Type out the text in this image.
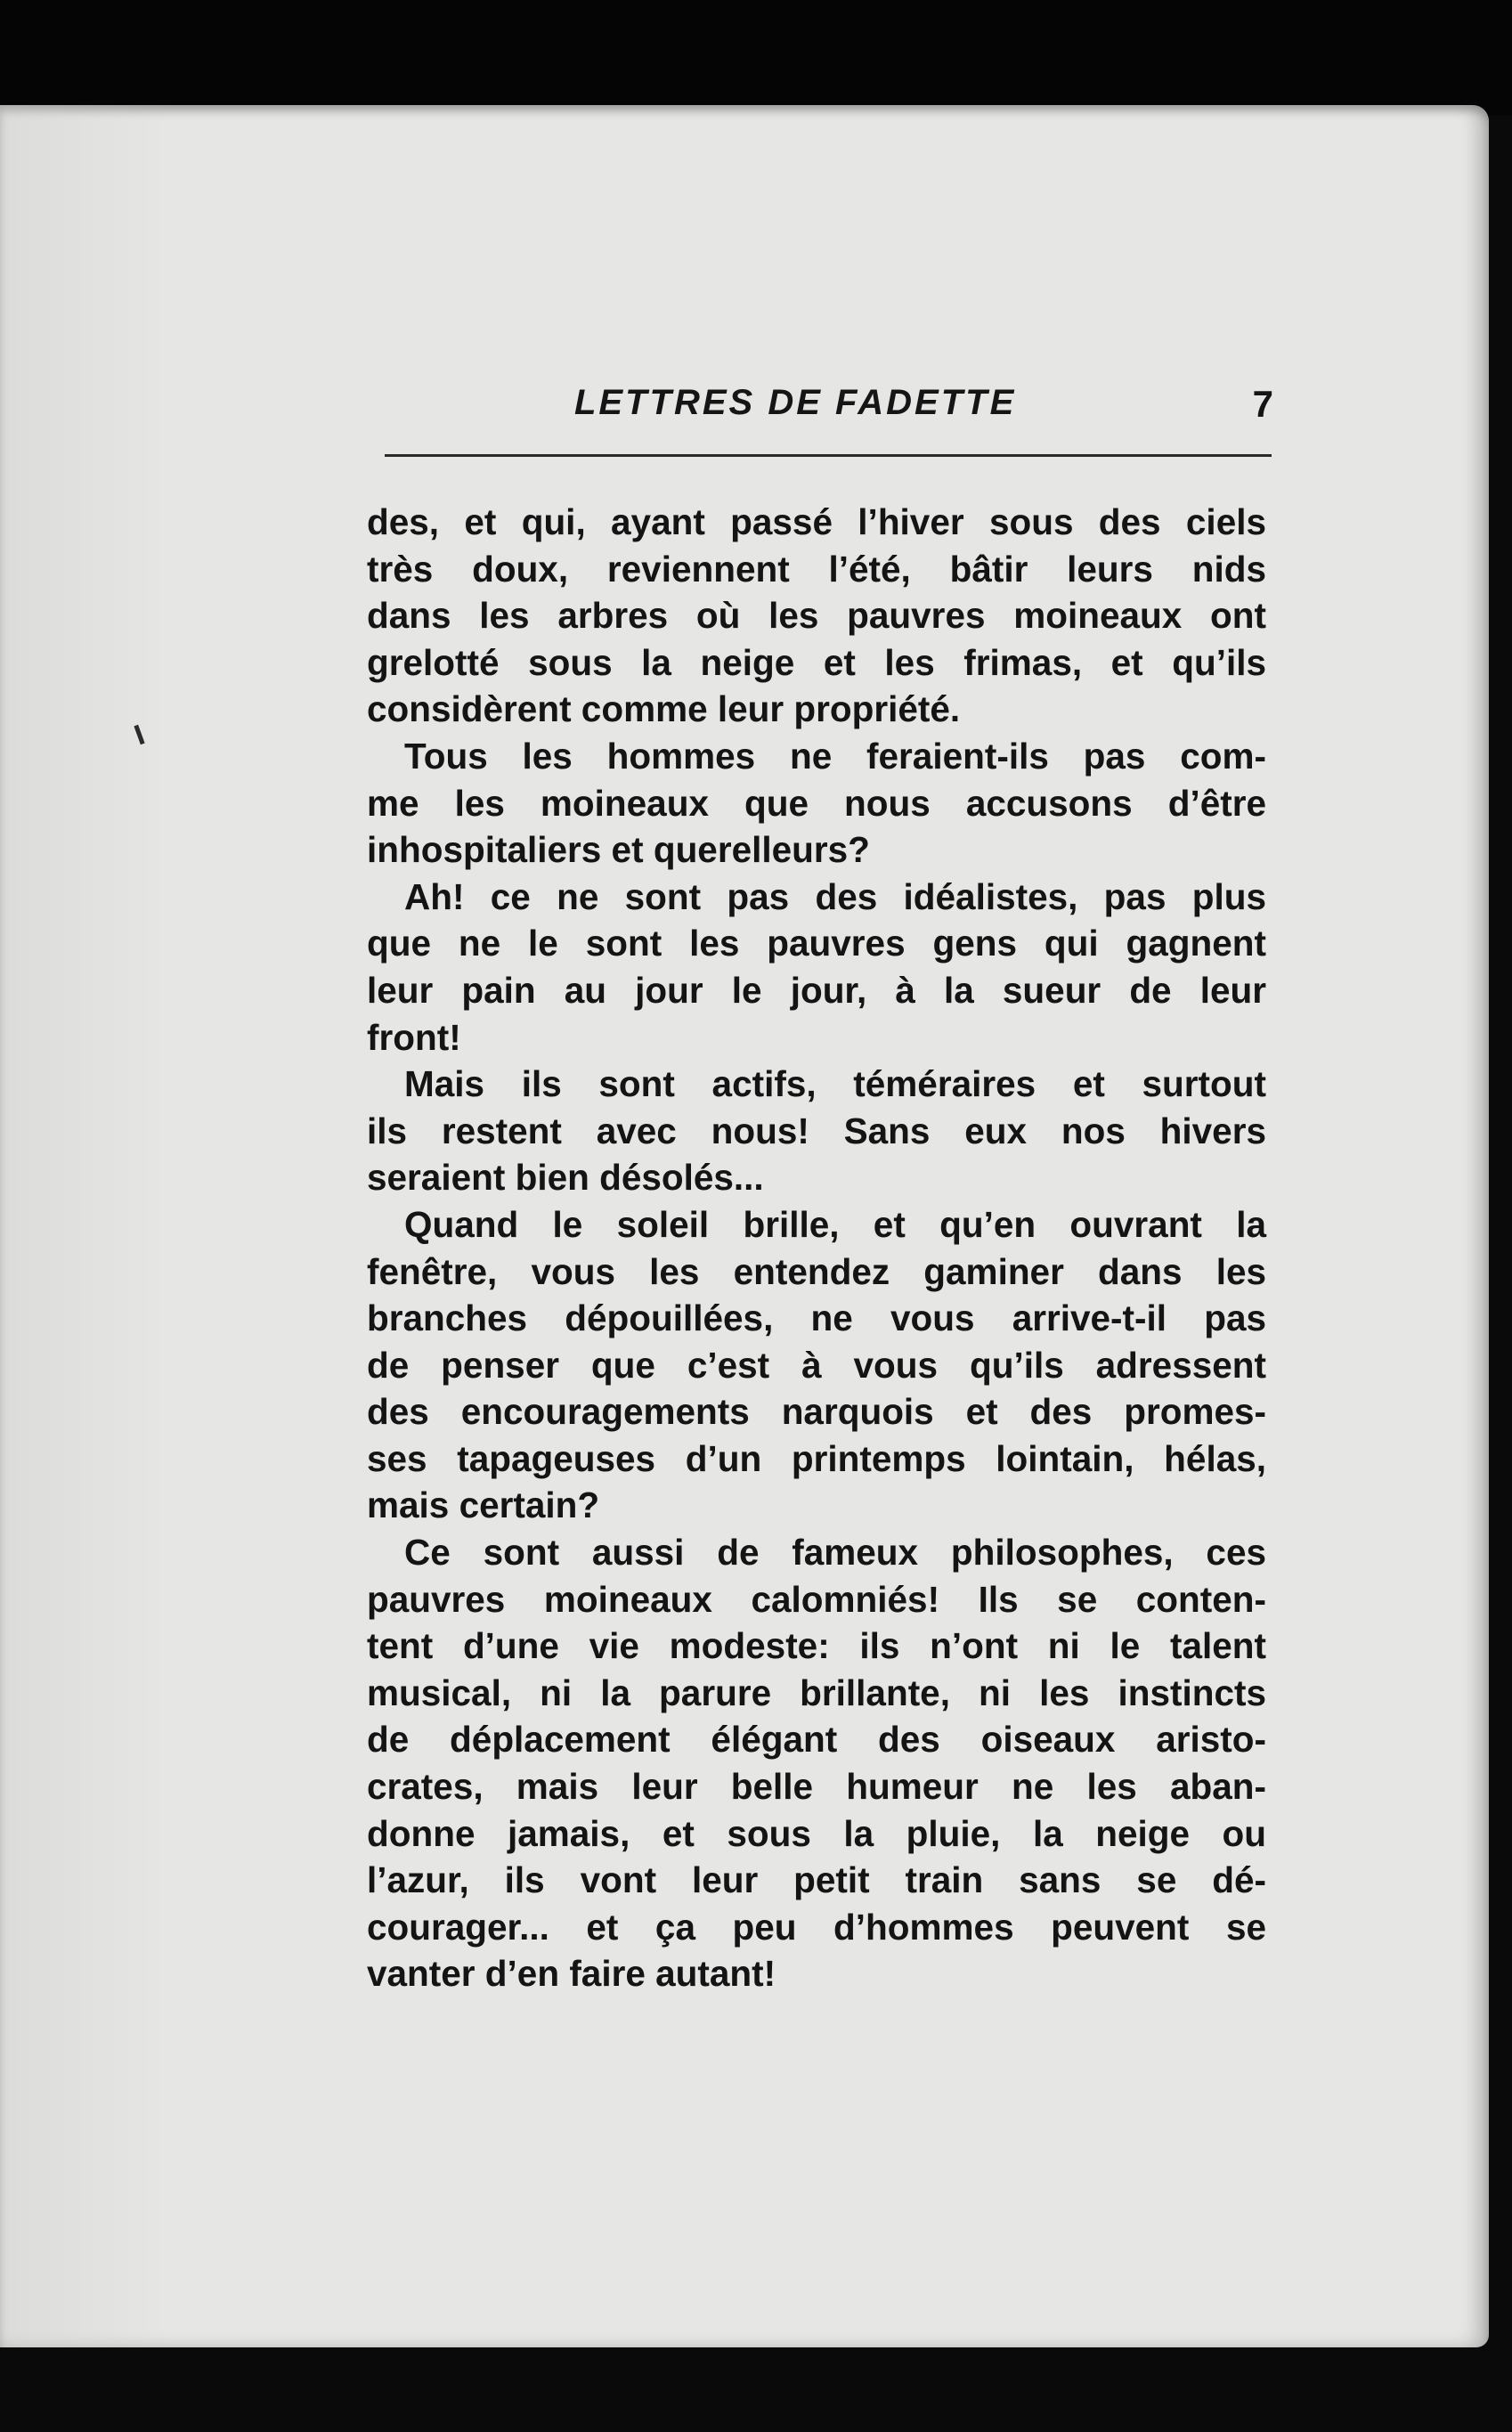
LETTRES DE FADETTE	7
des, et qui, ayant passé l’hiver sous des ciels
très doux, reviennent l’été, bâtir leurs nids
dans les arbres où les pauvres moineaux ont
grelotté sous la neige et les frimas, et qu’ils
considèrent comme leur propriété.
Tous les hommes ne feraient-ils pas com-
me les moineaux que nous accusons d’être
inhospitaliers et querelleurs?
Ah! ce ne sont pas des idéalistes, pas plus
que ne le sont les pauvres gens qui gagnent
leur pain au jour le jour, à la sueur de leur
front!
Mais ils sont actifs, téméraires et surtout
ils restent avec nous! Sans eux nos hivers
seraient bien désolés...
Quand le soleil brille, et qu’en ouvrant la
fenêtre, vous les entendez gaminer dans les
branches dépouillées, ne vous arrive-t-il pas
de penser que c’est à vous qu’ils adressent
des encouragements narquois et des promes-
ses tapageuses d’un printemps lointain, hélas,
mais certain?
Ce sont aussi de fameux philosophes, ces
pauvres moineaux calomniés! Ils se conten-
tent d’une vie modeste: ils n’ont ni le talent
musical, ni la parure brillante, ni les instincts
de déplacement élégant des oiseaux aristo-
crates, mais leur belle humeur ne les aban-
donne jamais, et sous la pluie, la neige ou
l’azur, ils vont leur petit train sans se dé-
courager... et ça peu d’hommes peuvent se
vanter d’en faire autant!
